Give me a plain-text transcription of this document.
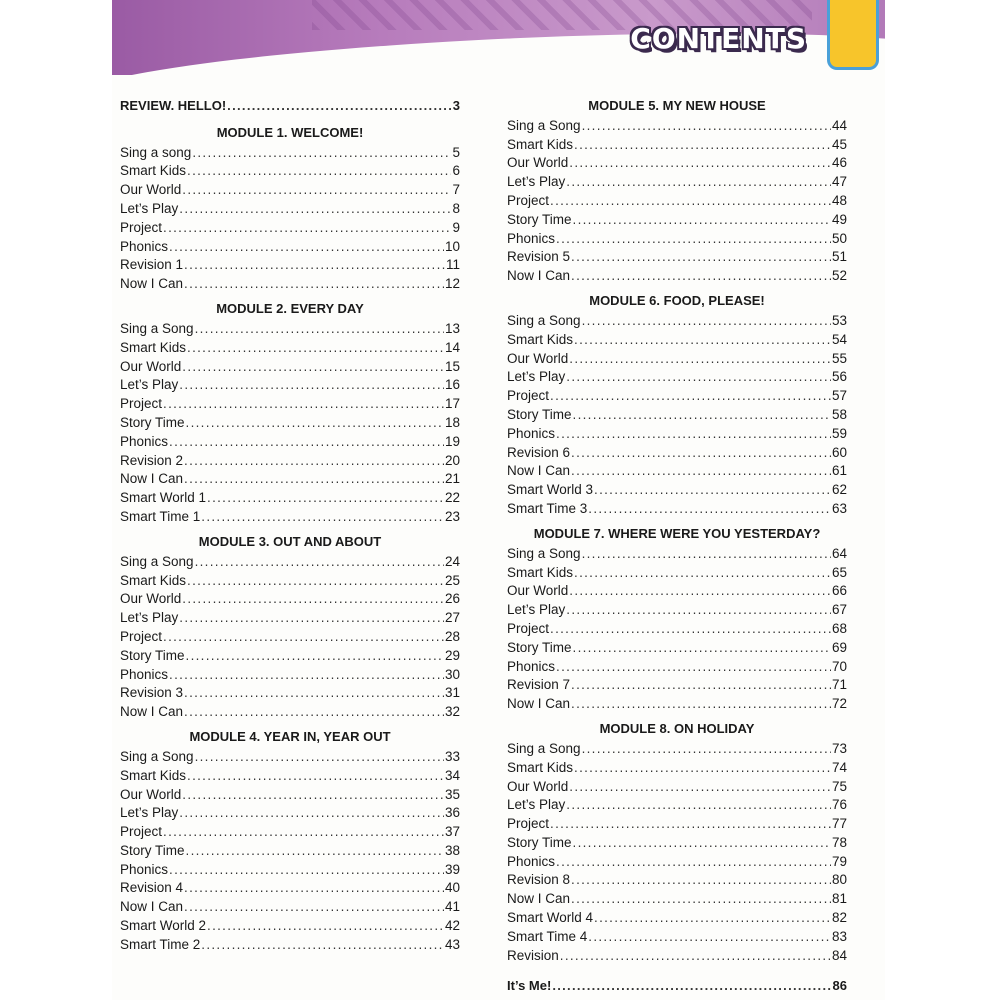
CONTENTS
REVIEW. HELLO! .....	3
MODULE 1. WELCOME!
Sing a song .....	5
Smart Kids .....	6
Our World .....	7
Let’s Play .....	8
Project .....	9
Phonics .....	10
Revision 1 .....	11
Now I Can .....	12
MODULE 2. EVERY DAY
Sing a Song .....	13
Smart Kids .....	14
Our World .....	15
Let’s Play .....	16
Project .....	17
Story Time .....	18
Phonics .....	19
Revision 2 .....	20
Now I Can .....	21
Smart World 1 .....	22
Smart Time 1 .....	23
MODULE 3. OUT AND ABOUT
Sing a Song .....	24
Smart Kids .....	25
Our World .....	26
Let’s Play .....	27
Project .....	28
Story Time .....	29
Phonics .....	30
Revision 3 .....	31
Now I Can .....	32
MODULE 4. YEAR IN, YEAR OUT
Sing a Song .....	33
Smart Kids .....	34
Our World .....	35
Let’s Play .....	36
Project .....	37
Story Time .....	38
Phonics .....	39
Revision 4 .....	40
Now I Can .....	41
Smart World 2 .....	42
Smart Time 2 .....	43
MODULE 5. MY NEW HOUSE
Sing a Song .....	44
Smart Kids .....	45
Our World .....	46
Let’s Play .....	47
Project .....	48
Story Time .....	49
Phonics .....	50
Revision 5 .....	51
Now I Can .....	52
MODULE 6. FOOD, PLEASE!
Sing a Song .....	53
Smart Kids .....	54
Our World .....	55
Let’s Play .....	56
Project .....	57
Story Time .....	58
Phonics .....	59
Revision 6 .....	60
Now I Can .....	61
Smart World 3 .....	62
Smart Time 3 .....	63
MODULE 7. WHERE WERE YOU YESTERDAY?
Sing a Song .....	64
Smart Kids .....	65
Our World .....	66
Let’s Play .....	67
Project .....	68
Story Time .....	69
Phonics .....	70
Revision 7 .....	71
Now I Can .....	72
MODULE 8. ON HOLIDAY
Sing a Song .....	73
Smart Kids .....	74
Our World .....	75
Let’s Play .....	76
Project .....	77
Story Time .....	78
Phonics .....	79
Revision 8 .....	80
Now I Can .....	81
Smart World 4 .....	82
Smart Time 4 .....	83
Revision .....	84
It’s Me! .....	86
